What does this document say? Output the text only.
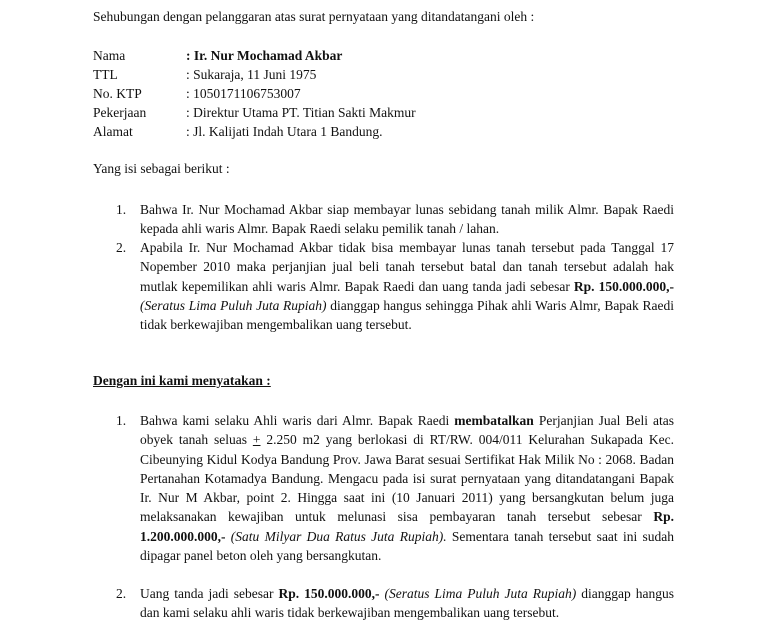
Sehubungan dengan pelanggaran atas surat pernyataan yang ditandatangani oleh :
Nama	: Ir. Nur Mochamad Akbar
TTL	: Sukaraja, 11 Juni 1975
No. KTP	: 1050171106753007
Pekerjaan	: Direktur Utama PT. Titian Sakti Makmur
Alamat	: Jl. Kalijati Indah Utara 1 Bandung.
Yang isi sebagai berikut :
1. Bahwa Ir. Nur Mochamad Akbar siap membayar lunas sebidang tanah milik Almr. Bapak Raedi kepada ahli waris Almr. Bapak Raedi selaku pemilik tanah / lahan.
2. Apabila Ir. Nur Mochamad Akbar tidak bisa membayar lunas tanah tersebut pada Tanggal 17 Nopember 2010 maka perjanjian jual beli tanah tersebut batal dan tanah tersebut adalah hak mutlak kepemilikan ahli waris Almr. Bapak Raedi dan uang tanda jadi sebesar Rp. 150.000.000,- (Seratus Lima Puluh Juta Rupiah) dianggap hangus sehingga Pihak ahli Waris Almr, Bapak Raedi tidak berkewajiban mengembalikan uang tersebut.
Dengan ini kami menyatakan :
1. Bahwa kami selaku Ahli waris dari Almr. Bapak Raedi membatalkan Perjanjian Jual Beli atas obyek tanah seluas + 2.250 m2 yang berlokasi di RT/RW. 004/011 Kelurahan Sukapada Kec. Cibeunying Kidul Kodya Bandung Prov. Jawa Barat sesuai Sertifikat Hak Milik No : 2068. Badan Pertanahan Kotamadya Bandung. Mengacu pada isi surat pernyataan yang ditandatangani Bapak Ir. Nur M Akbar, point 2. Hingga saat ini (10 Januari 2011) yang bersangkutan belum juga melaksanakan kewajiban untuk melunasi sisa pembayaran tanah tersebut sebesar Rp. 1.200.000.000,- (Satu Milyar Dua Ratus Juta Rupiah). Sementara tanah tersebut saat ini sudah dipagar panel beton oleh yang bersangkutan.
2. Uang tanda jadi sebesar Rp. 150.000.000,- (Seratus Lima Puluh Juta Rupiah) dianggap hangus dan kami selaku ahli waris tidak berkewajiban mengembalikan uang tersebut.
